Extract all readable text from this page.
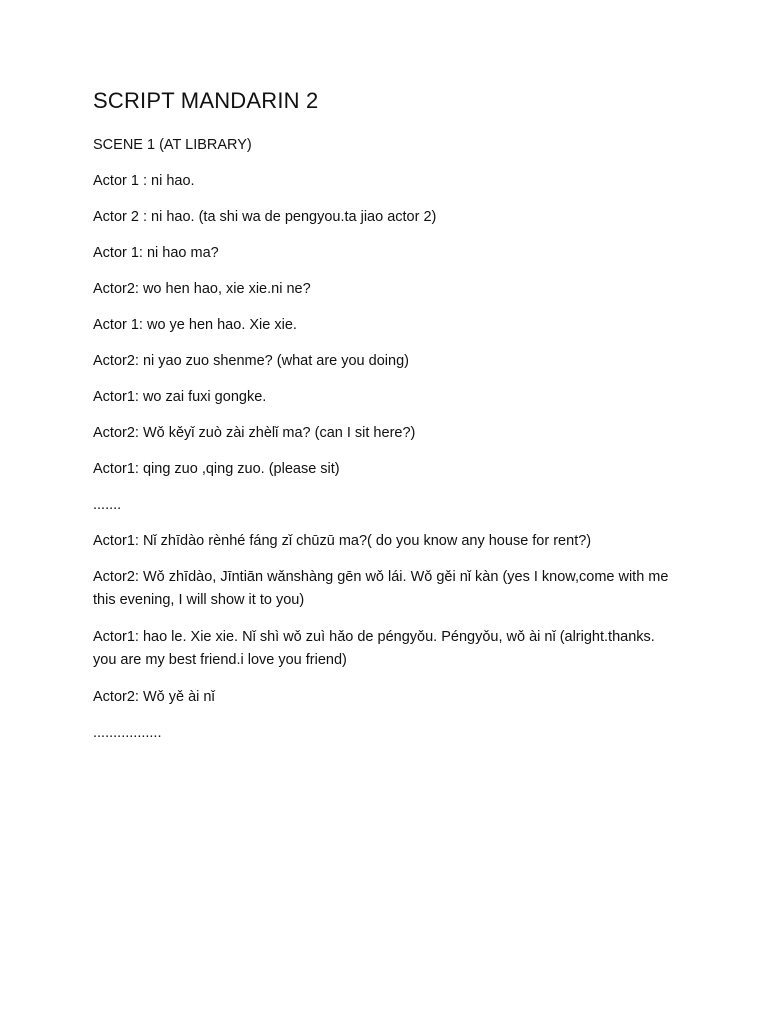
SCRIPT MANDARIN 2

SCENE 1 (AT LIBRARY)

Actor 1 : ni hao.

Actor 2 : ni hao. (ta shi wa de pengyou.ta jiao actor 2)

Actor 1: ni hao ma?

Actor2: wo hen hao, xie xie.ni ne?

Actor 1: wo ye hen hao. Xie xie.

Actor2: ni yao zuo shenme? (what are you doing)

Actor1: wo zai fuxi gongke.

Actor2: Wǒ kěyǐ zuò zài zhèlǐ ma? (can I sit here?)

Actor1: qing zuo ,qing zuo. (please sit)

.......

Actor1: Nǐ zhīdào rènhé fáng zǐ chūzū ma?( do you know any house for rent?)

Actor2: Wǒ zhīdào, Jīntiān wǎnshàng gēn wǒ lái. Wǒ gěi nǐ kàn (yes I know,come with me this evening, I will show it to you)

Actor1: hao le. Xie xie. Nǐ shì wǒ zuì hǎo de péngyǒu. Péngyǒu, wǒ ài nǐ (alright.thanks. you are my best friend.i love you friend)

Actor2: Wǒ yě ài nǐ

.................
